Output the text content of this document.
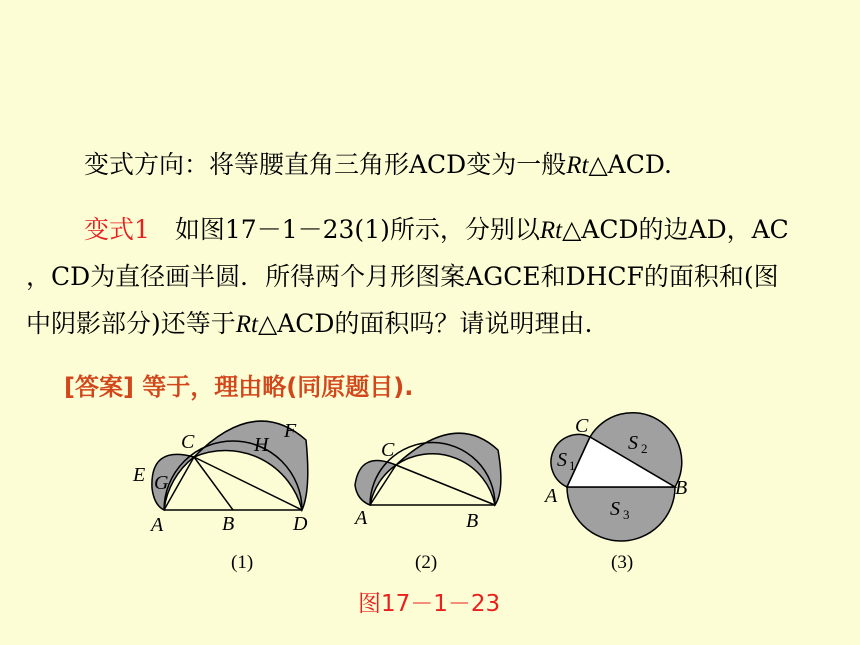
变式方向：将等腰直角三角形ACD变为一般Rt△ACD.
变式1　如图17－1－23(1)所示，分别以Rt△ACD的边AD，AC
，CD为直径画半圆．所得两个月形图案AGCE和DHCF的面积和(图
中阴影部分)还等于Rt△ACD的面积吗？请说明理由.
[答案] 等于，理由略(同原题目).
A	B
C
D
E
F
G
H
(1)
A	B
C
(2)
A	B
C
S 1
S 2
S 3
(3)
图17－1－23
